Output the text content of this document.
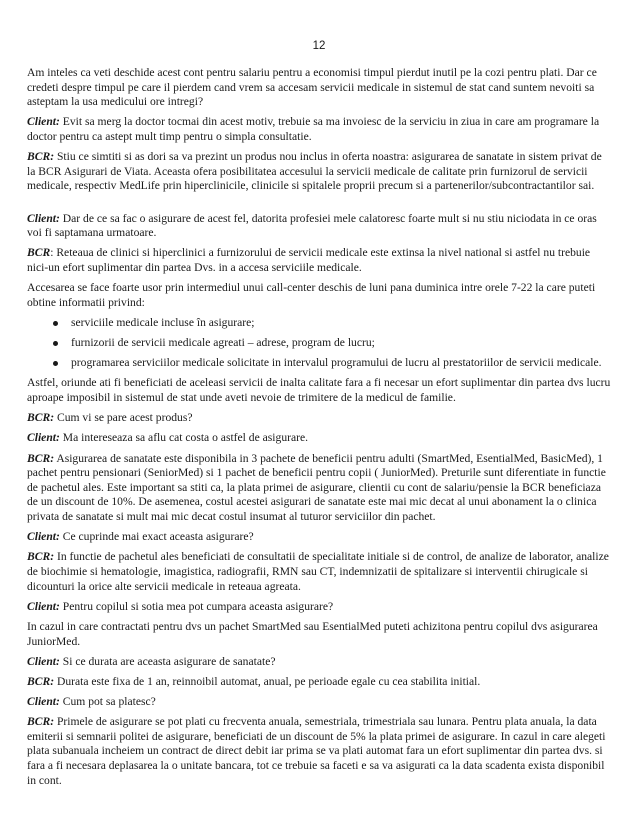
12

Am inteles ca veti deschide acest cont pentru salariu pentru a economisi timpul pierdut inutil pe la cozi pentru plati. Dar ce credeti despre timpul pe care il pierdem cand vrem sa accesam servicii medicale in sistemul de stat cand suntem nevoiti sa asteptam la usa medicului ore intregi?

Client: Evit sa merg la doctor tocmai din acest motiv, trebuie sa ma invoiesc de la serviciu in ziua in care am programare la doctor pentru ca astept mult timp pentru o simpla consultatie.

BCR: Stiu ce simtiti si as dori sa va prezint un produs nou inclus in oferta noastra: asigurarea de sanatate in sistem privat de la BCR Asigurari de Viata. Aceasta ofera posibilitatea accesului la servicii medicale de calitate prin furnizorul de servicii medicale, respectiv MedLife prin hiperclinicile, clinicile si spitalele proprii precum si a partenerilor/subcontractantilor sai.

Client: Dar de ce sa fac o asigurare de acest fel, datorita profesiei mele calatoresc foarte mult si nu stiu niciodata in ce oras voi fi saptamana urmatoare.

BCR: Reteaua de clinici si hiperclinici a furnizorului de servicii medicale este extinsa la nivel national si astfel nu trebuie nici-un efort suplimentar din partea Dvs. in a accesa serviciile medicale.

Accesarea se face foarte usor prin intermediul unui call-center deschis de luni pana duminica intre orele 7-22 la care puteti obtine informatii privind:

serviciile medicale incluse în asigurare;
furnizorii de servicii medicale agreati – adrese, program de lucru;
programarea serviciilor medicale solicitate in intervalul programului de lucru al prestatoriilor de servicii medicale.

Astfel, oriunde ati fi beneficiati de aceleasi servicii de inalta calitate fara a fi necesar un efort suplimentar din partea dvs lucru aproape imposibil in sistemul de stat unde aveti nevoie de trimitere de la medicul de familie.

BCR: Cum vi se pare acest produs?

Client: Ma intereseaza sa aflu cat costa o astfel de asigurare.

BCR: Asigurarea de sanatate este disponibila in 3 pachete de beneficii pentru adulti (SmartMed, EsentialMed, BasicMed), 1 pachet pentru pensionari (SeniorMed) si 1 pachet de beneficii pentru copii ( JuniorMed). Preturile sunt diferentiate in functie de pachetul ales. Este important sa stiti ca, la plata primei de asigurare, clientii cu cont de salariu/pensie la BCR beneficiaza de un discount de 10%. De asemenea, costul acestei asigurari de sanatate este mai mic decat al unui abonament la o clinica privata de sanatate si mult mai mic decat costul insumat al tuturor serviciilor din pachet.

Client: Ce cuprinde mai exact aceasta asigurare?

BCR: In functie de pachetul ales beneficiati de consultatii de specialitate initiale si de control, de analize de laborator, analize de biochimie si hematologie, imagistica, radiografii, RMN sau CT, indemnizatii de spitalizare si interventii chirugicale si dicounturi la orice alte servicii medicale in reteaua agreata.

Client: Pentru copilul si sotia mea pot cumpara aceasta asigurare?

In cazul in care contractati pentru dvs un pachet SmartMed sau EsentialMed puteti achizitona pentru copilul dvs asigurarea JuniorMed.

Client: Si ce durata are aceasta asigurare de sanatate?

BCR: Durata este fixa de 1 an, reinnoibil automat, anual, pe perioade egale cu cea stabilita initial.

Client: Cum pot sa platesc?

BCR: Primele de asigurare se pot plati cu frecventa anuala, semestriala, trimestriala sau lunara. Pentru plata anuala, la data emiterii si semnarii politei de asigurare, beneficiati de un discount de 5% la plata primei de asigurare. In cazul in care alegeti plata subanuala incheiem un contract de direct debit iar prima se va plati automat fara un efort suplimentar din partea dvs. si fara a fi necesara deplasarea la o unitate bancara, tot ce trebuie sa faceti e sa va asigurati ca la data scadenta exista disponibil in cont.
